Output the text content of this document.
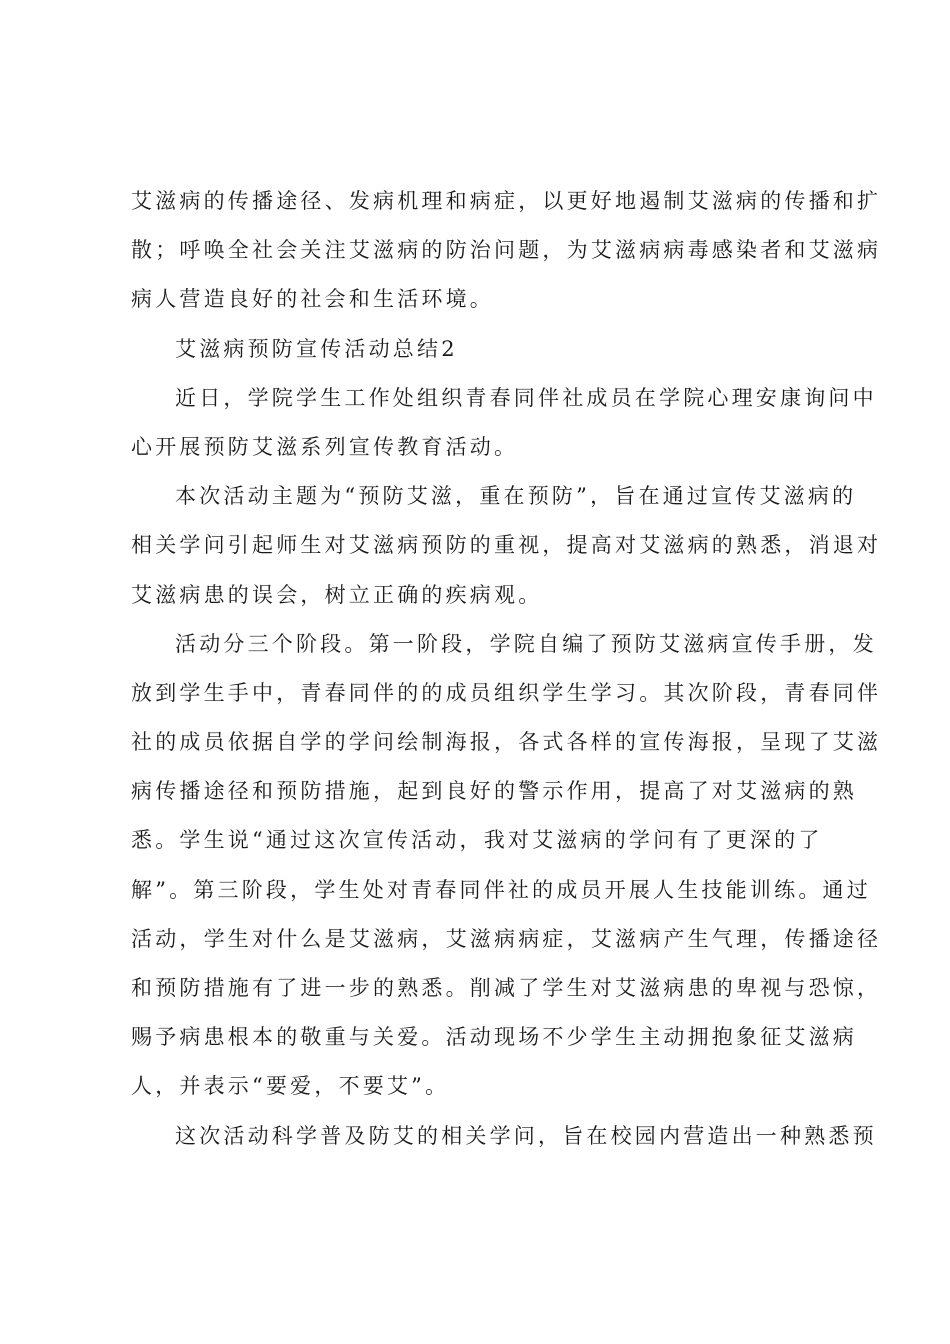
艾滋病的传播途径、发病机理和病症，以更好地遏制艾滋病的传播和扩
散；呼唤全社会关注艾滋病的防治问题，为艾滋病病毒感染者和艾滋病
病人营造良好的社会和生活环境。
艾滋病预防宣传活动总结2
近日，学院学生工作处组织青春同伴社成员在学院心理安康询问中
心开展预防艾滋系列宣传教育活动。
本次活动主题为“预防艾滋，重在预防”，旨在通过宣传艾滋病的
相关学问引起师生对艾滋病预防的重视，提高对艾滋病的熟悉，消退对
艾滋病患的误会，树立正确的疾病观。
活动分三个阶段。第一阶段，学院自编了预防艾滋病宣传手册，发
放到学生手中，青春同伴的的成员组织学生学习。其次阶段，青春同伴
社的成员依据自学的学问绘制海报，各式各样的宣传海报，呈现了艾滋
病传播途径和预防措施，起到良好的警示作用，提高了对艾滋病的熟
悉。学生说“通过这次宣传活动，我对艾滋病的学问有了更深的了
解”。第三阶段，学生处对青春同伴社的成员开展人生技能训练。通过
活动，学生对什么是艾滋病，艾滋病病症，艾滋病产生气理，传播途径
和预防措施有了进一步的熟悉。削减了学生对艾滋病患的卑视与恐惊，
赐予病患根本的敬重与关爱。活动现场不少学生主动拥抱象征艾滋病
人，并表示“要爱，不要艾”。
这次活动科学普及防艾的相关学问，旨在校园内营造出一种熟悉预
